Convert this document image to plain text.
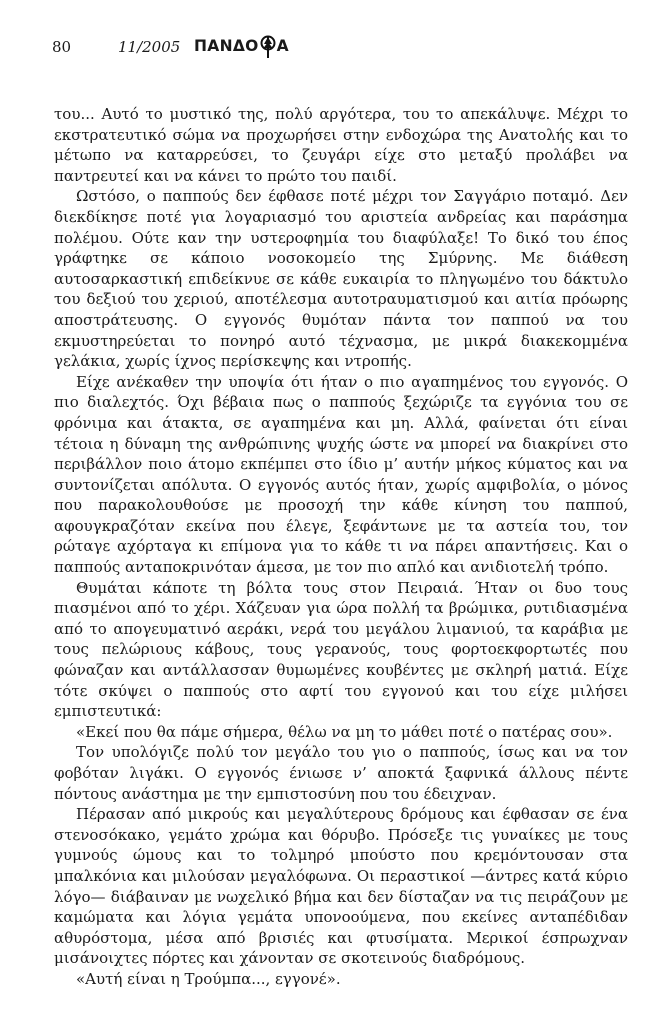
80	11/2005 ΠΑΝΔΟ Α

του... Αυτό το μυστικό της, πολύ αργότερα, του το απεκάλυψε. Μέχρι το εκστρατευτικό σώμα να προχωρήσει στην ενδοχώρα της Ανατολής και το μέτωπο να καταρρεύσει, το ζευγάρι είχε στο μεταξύ προλάβει να παντρευτεί και να κάνει το πρώτο του παιδί.

Ωστόσο, ο παππούς δεν έφθασε ποτέ μέχρι τον Σαγγάριο ποταμό. Δεν διεκδίκησε ποτέ για λογαριασμό του αριστεία ανδρείας και παράσημα πολέμου. Ούτε καν την υστεροφημία του διαφύλαξε! Το δικό του έπος γράφτηκε σε κάποιο νοσοκομείο της Σμύρνης. Με διάθεση αυτοσαρκαστική επιδείκνυε σε κάθε ευκαιρία το πληγωμένο του δάκτυλο του δεξιού του χεριού, αποτέλεσμα αυτοτραυματισμού και αιτία πρόωρης αποστράτευσης. Ο εγγονός θυμόταν πάντα τον παππού να του εκμυστηρεύεται το πονηρό αυτό τέχνασμα, με μικρά διακεκομμένα γελάκια, χωρίς ίχνος περίσκεψης και ντροπής.

Είχε ανέκαθεν την υποψία ότι ήταν ο πιο αγαπημένος του εγγονός. Ο πιο διαλεχτός. Όχι βέβαια πως ο παππούς ξεχώριζε τα εγγόνια του σε φρόνιμα και άτακτα, σε αγαπημένα και μη. Αλλά, φαίνεται ότι είναι τέτοια η δύναμη της ανθρώπινης ψυχής ώστε να μπορεί να διακρίνει στο περιβάλλον ποιο άτομο εκπέμπει στο ίδιο μ’ αυτήν μήκος κύματος και να συντονίζεται απόλυτα. Ο εγγονός αυτός ήταν, χωρίς αμφιβολία, ο μόνος που παρακολουθούσε με προσοχή την κάθε κίνηση του παππού, αφουγκραζόταν εκείνα που έλεγε, ξεφάντωνε με τα αστεία του, τον ρώταγε αχόρταγα κι επίμονα για το κάθε τι να πάρει απαντήσεις. Και ο παππούς ανταποκρινόταν άμεσα, με τον πιο απλό και ανιδιοτελή τρόπο.

Θυμάται κάποτε τη βόλτα τους στον Πειραιά. Ήταν οι δυο τους πιασμένοι από το χέρι. Χάζευαν για ώρα πολλή τα βρώμικα, ρυτιδιασμένα από το απογευματινό αεράκι, νερά του μεγάλου λιμανιού, τα καράβια με τους πελώριους κάβους, τους γερανούς, τους φορτοεκφορτωτές που φώναζαν και αντάλλασσαν θυμωμένες κουβέντες με σκληρή ματιά. Είχε τότε σκύψει ο παππούς στο αφτί του εγγονού και του είχε μιλήσει εμπιστευτικά:

«Εκεί που θα πάμε σήμερα, θέλω να μη το μάθει ποτέ ο πατέρας σου».

Τον υπολόγιζε πολύ τον μεγάλο του γιο ο παππούς, ίσως και να τον φοβόταν λιγάκι. Ο εγγονός ένιωσε ν’ αποκτά ξαφνικά άλλους πέντε πόντους ανάστημα με την εμπιστοσύνη που του έδειχναν.

Πέρασαν από μικρούς και μεγαλύτερους δρόμους και έφθασαν σε ένα στενοσόκακο, γεμάτο χρώμα και θόρυβο. Πρόσεξε τις γυναίκες με τους γυμνούς ώμους και το τολμηρό μπούστο που κρεμόντουσαν στα μπαλκόνια και μιλούσαν μεγαλόφωνα. Οι περαστικοί —άντρες κατά κύριο λόγο— διάβαιναν με νωχελικό βήμα και δεν δίσταζαν να τις πειράζουν με καμώματα και λόγια γεμάτα υπονοούμενα, που εκείνες ανταπέδιδαν αθυρόστομα, μέσα από βρισιές και φτυσίματα. Μερικοί έσπρωχναν μισάνοιχτες πόρτες και χάνονταν σε σκοτεινούς διαδρόμους.

«Αυτή είναι η Τρούμπα..., εγγονέ».
